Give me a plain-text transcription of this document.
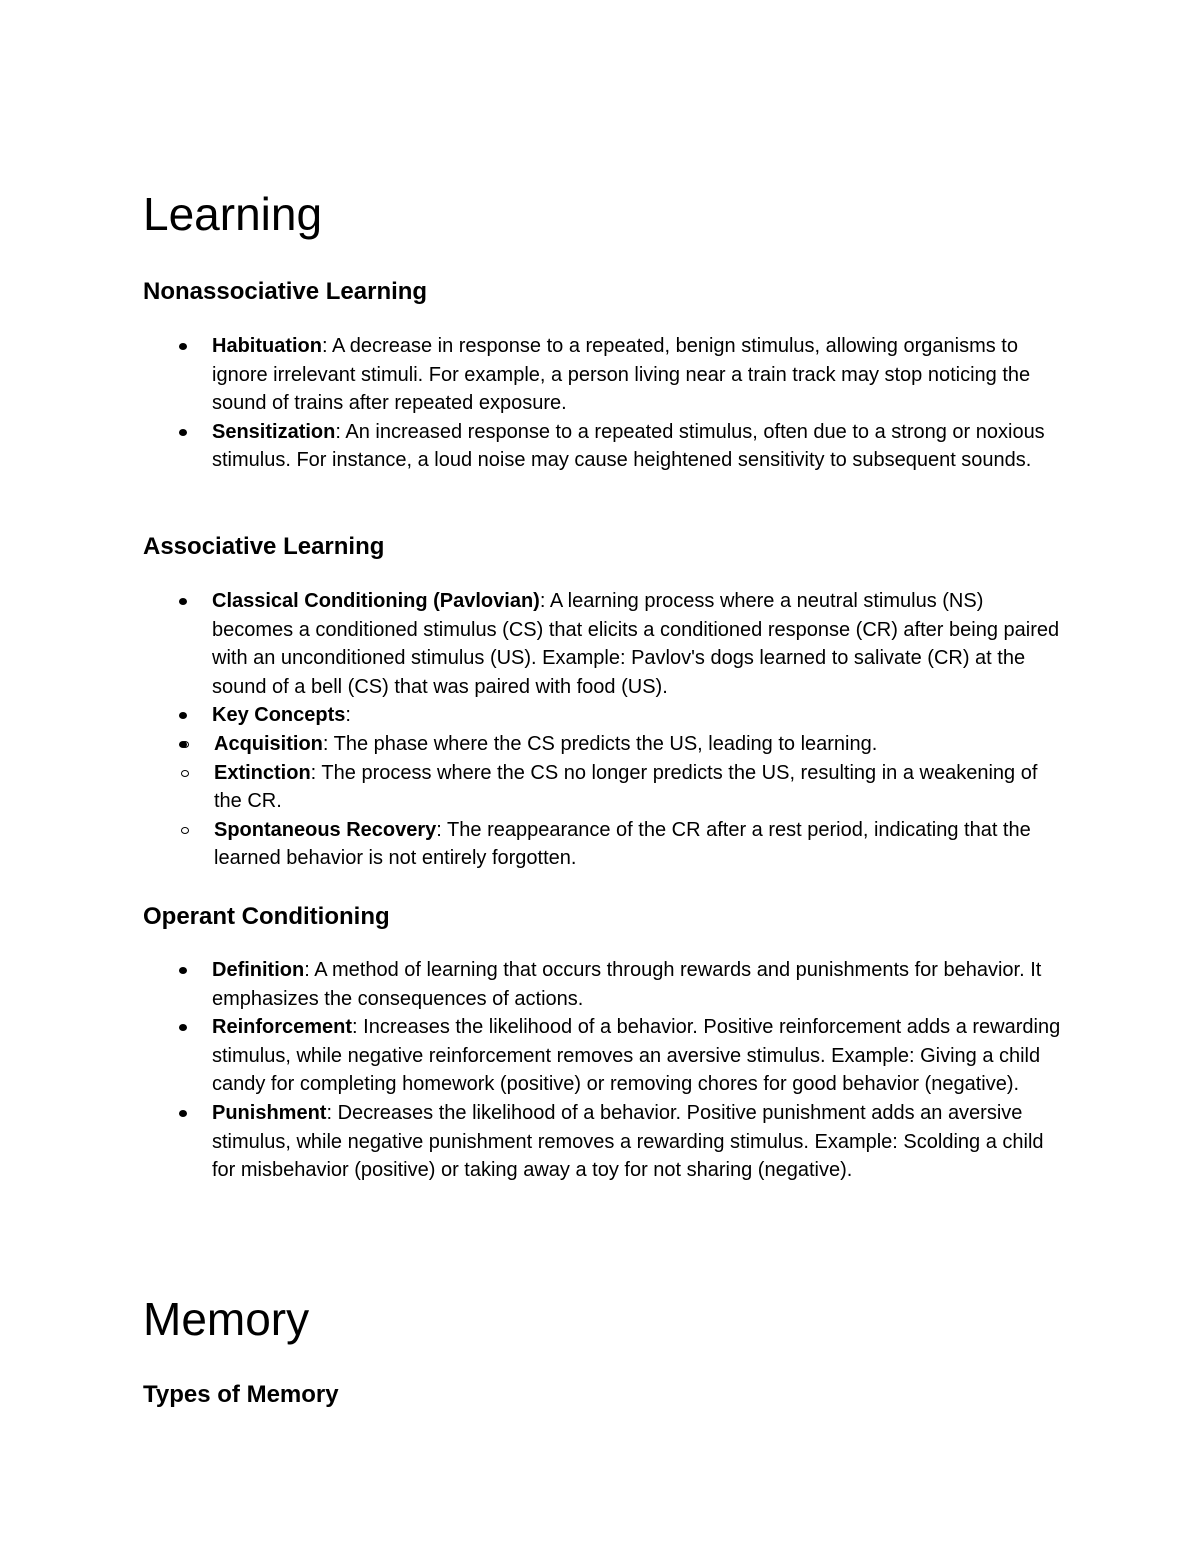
Learning
Nonassociative Learning
Habituation: A decrease in response to a repeated, benign stimulus, allowing organisms to ignore irrelevant stimuli. For example, a person living near a train track may stop noticing the sound of trains after repeated exposure.
Sensitization: An increased response to a repeated stimulus, often due to a strong or noxious stimulus. For instance, a loud noise may cause heightened sensitivity to subsequent sounds.
Associative Learning
Classical Conditioning (Pavlovian): A learning process where a neutral stimulus (NS) becomes a conditioned stimulus (CS) that elicits a conditioned response (CR) after being paired with an unconditioned stimulus (US). Example: Pavlov's dogs learned to salivate (CR) at the sound of a bell (CS) that was paired with food (US).
Key Concepts:
Acquisition: The phase where the CS predicts the US, leading to learning.
Extinction: The process where the CS no longer predicts the US, resulting in a weakening of the CR.
Spontaneous Recovery: The reappearance of the CR after a rest period, indicating that the learned behavior is not entirely forgotten.
Operant Conditioning
Definition: A method of learning that occurs through rewards and punishments for behavior. It emphasizes the consequences of actions.
Reinforcement: Increases the likelihood of a behavior. Positive reinforcement adds a rewarding stimulus, while negative reinforcement removes an aversive stimulus. Example: Giving a child candy for completing homework (positive) or removing chores for good behavior (negative).
Punishment: Decreases the likelihood of a behavior. Positive punishment adds an aversive stimulus, while negative punishment removes a rewarding stimulus. Example: Scolding a child for misbehavior (positive) or taking away a toy for not sharing (negative).
Memory
Types of Memory
